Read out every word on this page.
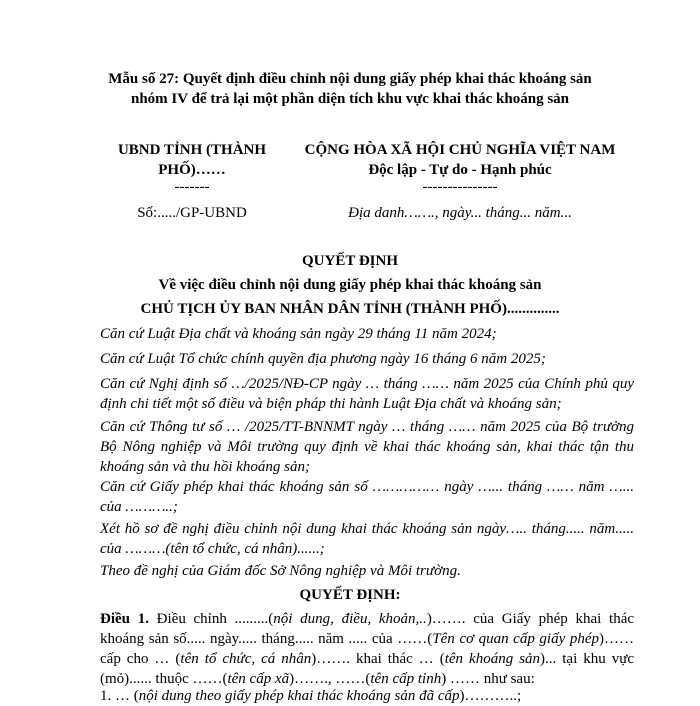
Mẫu số 27: Quyết định điều chỉnh nội dung giấy phép khai thác khoáng sản
nhóm IV để trả lại một phần diện tích khu vực khai thác khoáng sản
UBND TỈNH (THÀNH
PHỐ)……
-------
CỘNG HÒA XÃ HỘI CHỦ NGHĨA VIỆT NAM
Độc lập - Tự do - Hạnh phúc
---------------
Số:...../GP-UBND	Địa danh……., ngày... tháng... năm...
QUYẾT ĐỊNH
Về việc điều chỉnh nội dung giấy phép khai thác khoáng sản
CHỦ TỊCH ỦY BAN NHÂN DÂN TỈNH (THÀNH PHỐ)..............
Căn cứ Luật Địa chất và khoáng sản ngày 29 tháng 11 năm 2024;
Căn cứ Luật Tổ chức chính quyền địa phương ngày 16 tháng 6 năm 2025;
Căn cứ Nghị định số …/2025/NĐ-CP ngày … tháng …… năm 2025 của Chính phủ quy định chi tiết một số điều và biện pháp thi hành Luật Địa chất và khoáng sản;
Căn cứ Thông tư số … /2025/TT-BNNMT ngày … tháng …… năm 2025 của Bộ trưởng Bộ Nông nghiệp và Môi trường quy định về khai thác khoáng sản, khai thác tận thu khoáng sản và thu hồi khoáng sản;
Căn cứ Giấy phép khai thác khoáng sản số …………… ngày …... tháng …… năm …... của ………..;
Xét hồ sơ đề nghị điều chỉnh nội dung khai thác khoáng sản ngày….. tháng..... năm..... của ………(tên tổ chức, cá nhân)......;
Theo đề nghị của Giám đốc Sở Nông nghiệp và Môi trường.
QUYẾT ĐỊNH:
Điều 1. Điều chỉnh .........(nội dung, điều, khoản,..)……. của Giấy phép khai thác khoáng sản số..... ngày..... tháng..... năm ..... của ……(Tên cơ quan cấp giấy phép)…… cấp cho … (tên tổ chức, cá nhân)……. khai thác … (tên khoáng sản)... tại khu vực (mỏ)...... thuộc ……(tên cấp xã)……., ……(tên cấp tỉnh) …… như sau:
1. … (nội dung theo giấy phép khai thác khoáng sản đã cấp)………..;
